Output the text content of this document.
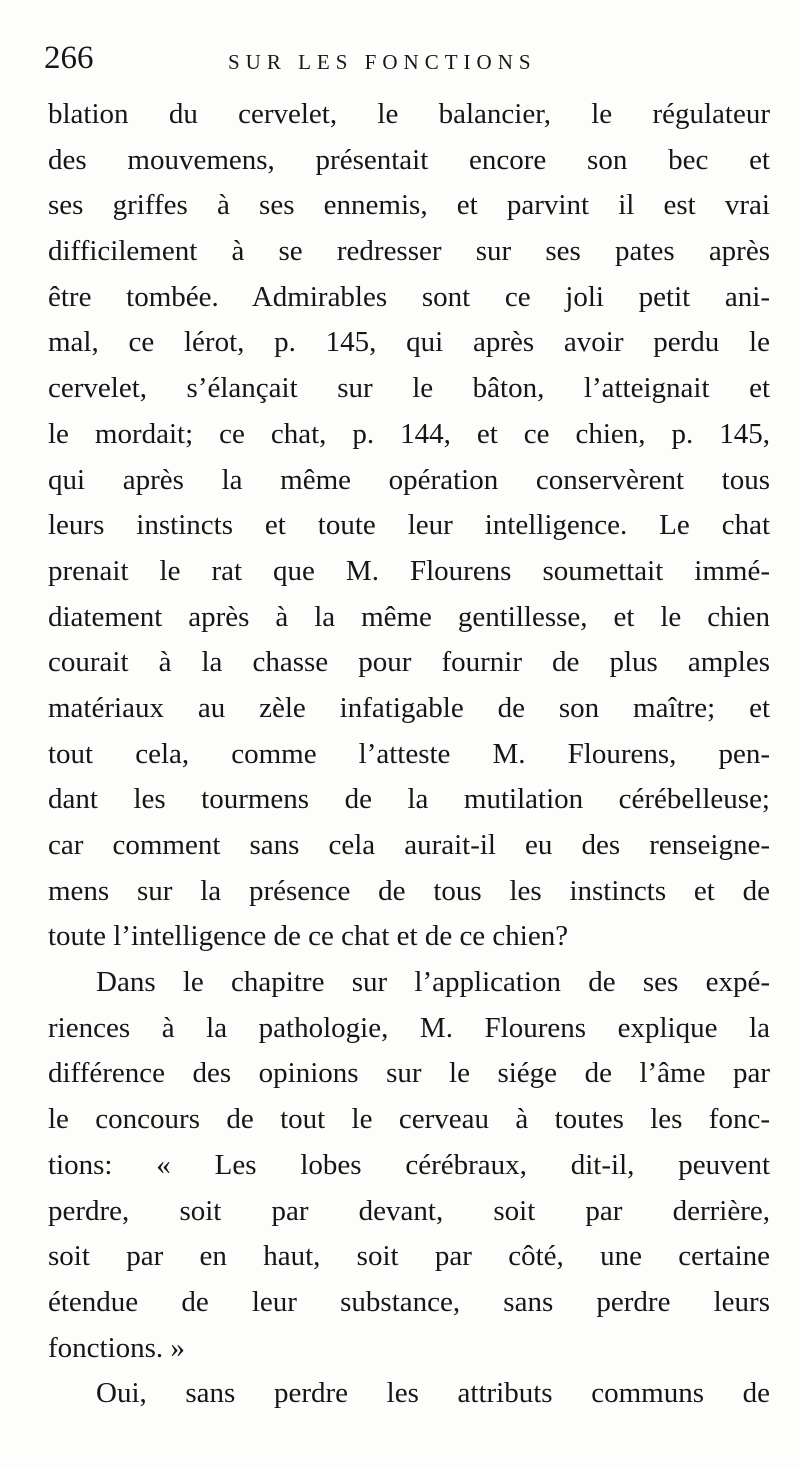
266	SUR LES FONCTIONS
blation du cervelet, le balancier, le régulateur
des mouvemens, présentait encore son bec et
ses griffes à ses ennemis, et parvint il est vrai
difficilement à se redresser sur ses pates après
être tombée. Admirables sont ce joli petit ani-
mal, ce lérot, p. 145, qui après avoir perdu le
cervelet, s’élançait sur le bâton, l’atteignait et
le mordait; ce chat, p. 144, et ce chien, p. 145,
qui après la même opération conservèrent tous
leurs instincts et toute leur intelligence. Le chat
prenait le rat que M. Flourens soumettait immé-
diatement après à la même gentillesse, et le chien
courait à la chasse pour fournir de plus amples
matériaux au zèle infatigable de son maître; et
tout cela, comme l’atteste M. Flourens, pen-
dant les tourmens de la mutilation cérébelleuse;
car comment sans cela aurait-il eu des renseigne-
mens sur la présence de tous les instincts et de
toute l’intelligence de ce chat et de ce chien?
Dans le chapitre sur l’application de ses expé-
riences à la pathologie, M. Flourens explique la
différence des opinions sur le siége de l’âme par
le concours de tout le cerveau à toutes les fonc-
tions: « Les lobes cérébraux, dit-il, peuvent
perdre, soit par devant, soit par derrière,
soit par en haut, soit par côté, une certaine
étendue de leur substance, sans perdre leurs
fonctions. »
Oui, sans perdre les attributs communs de
